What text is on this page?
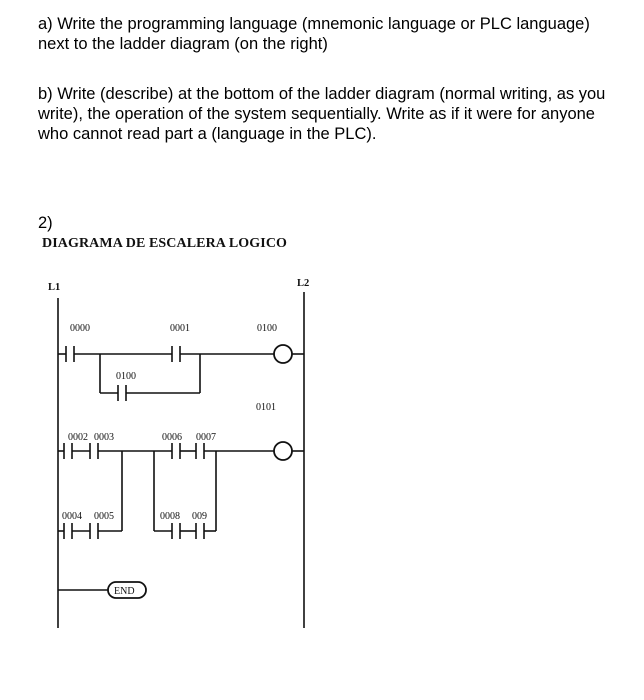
a) Write the programming language (mnemonic language or PLC language) next to the ladder diagram (on the right)
b) Write (describe) at the bottom of the ladder diagram (normal writing, as you write), the operation of the system sequentially. Write as if it were for anyone who cannot read part a (language in the PLC).
2)
DIAGRAMA DE ESCALERA LOGICO
L1	L2
0000	0001	0100
0100
0101
0002 0003	0006 0007
0004 0005	0008 009
END
